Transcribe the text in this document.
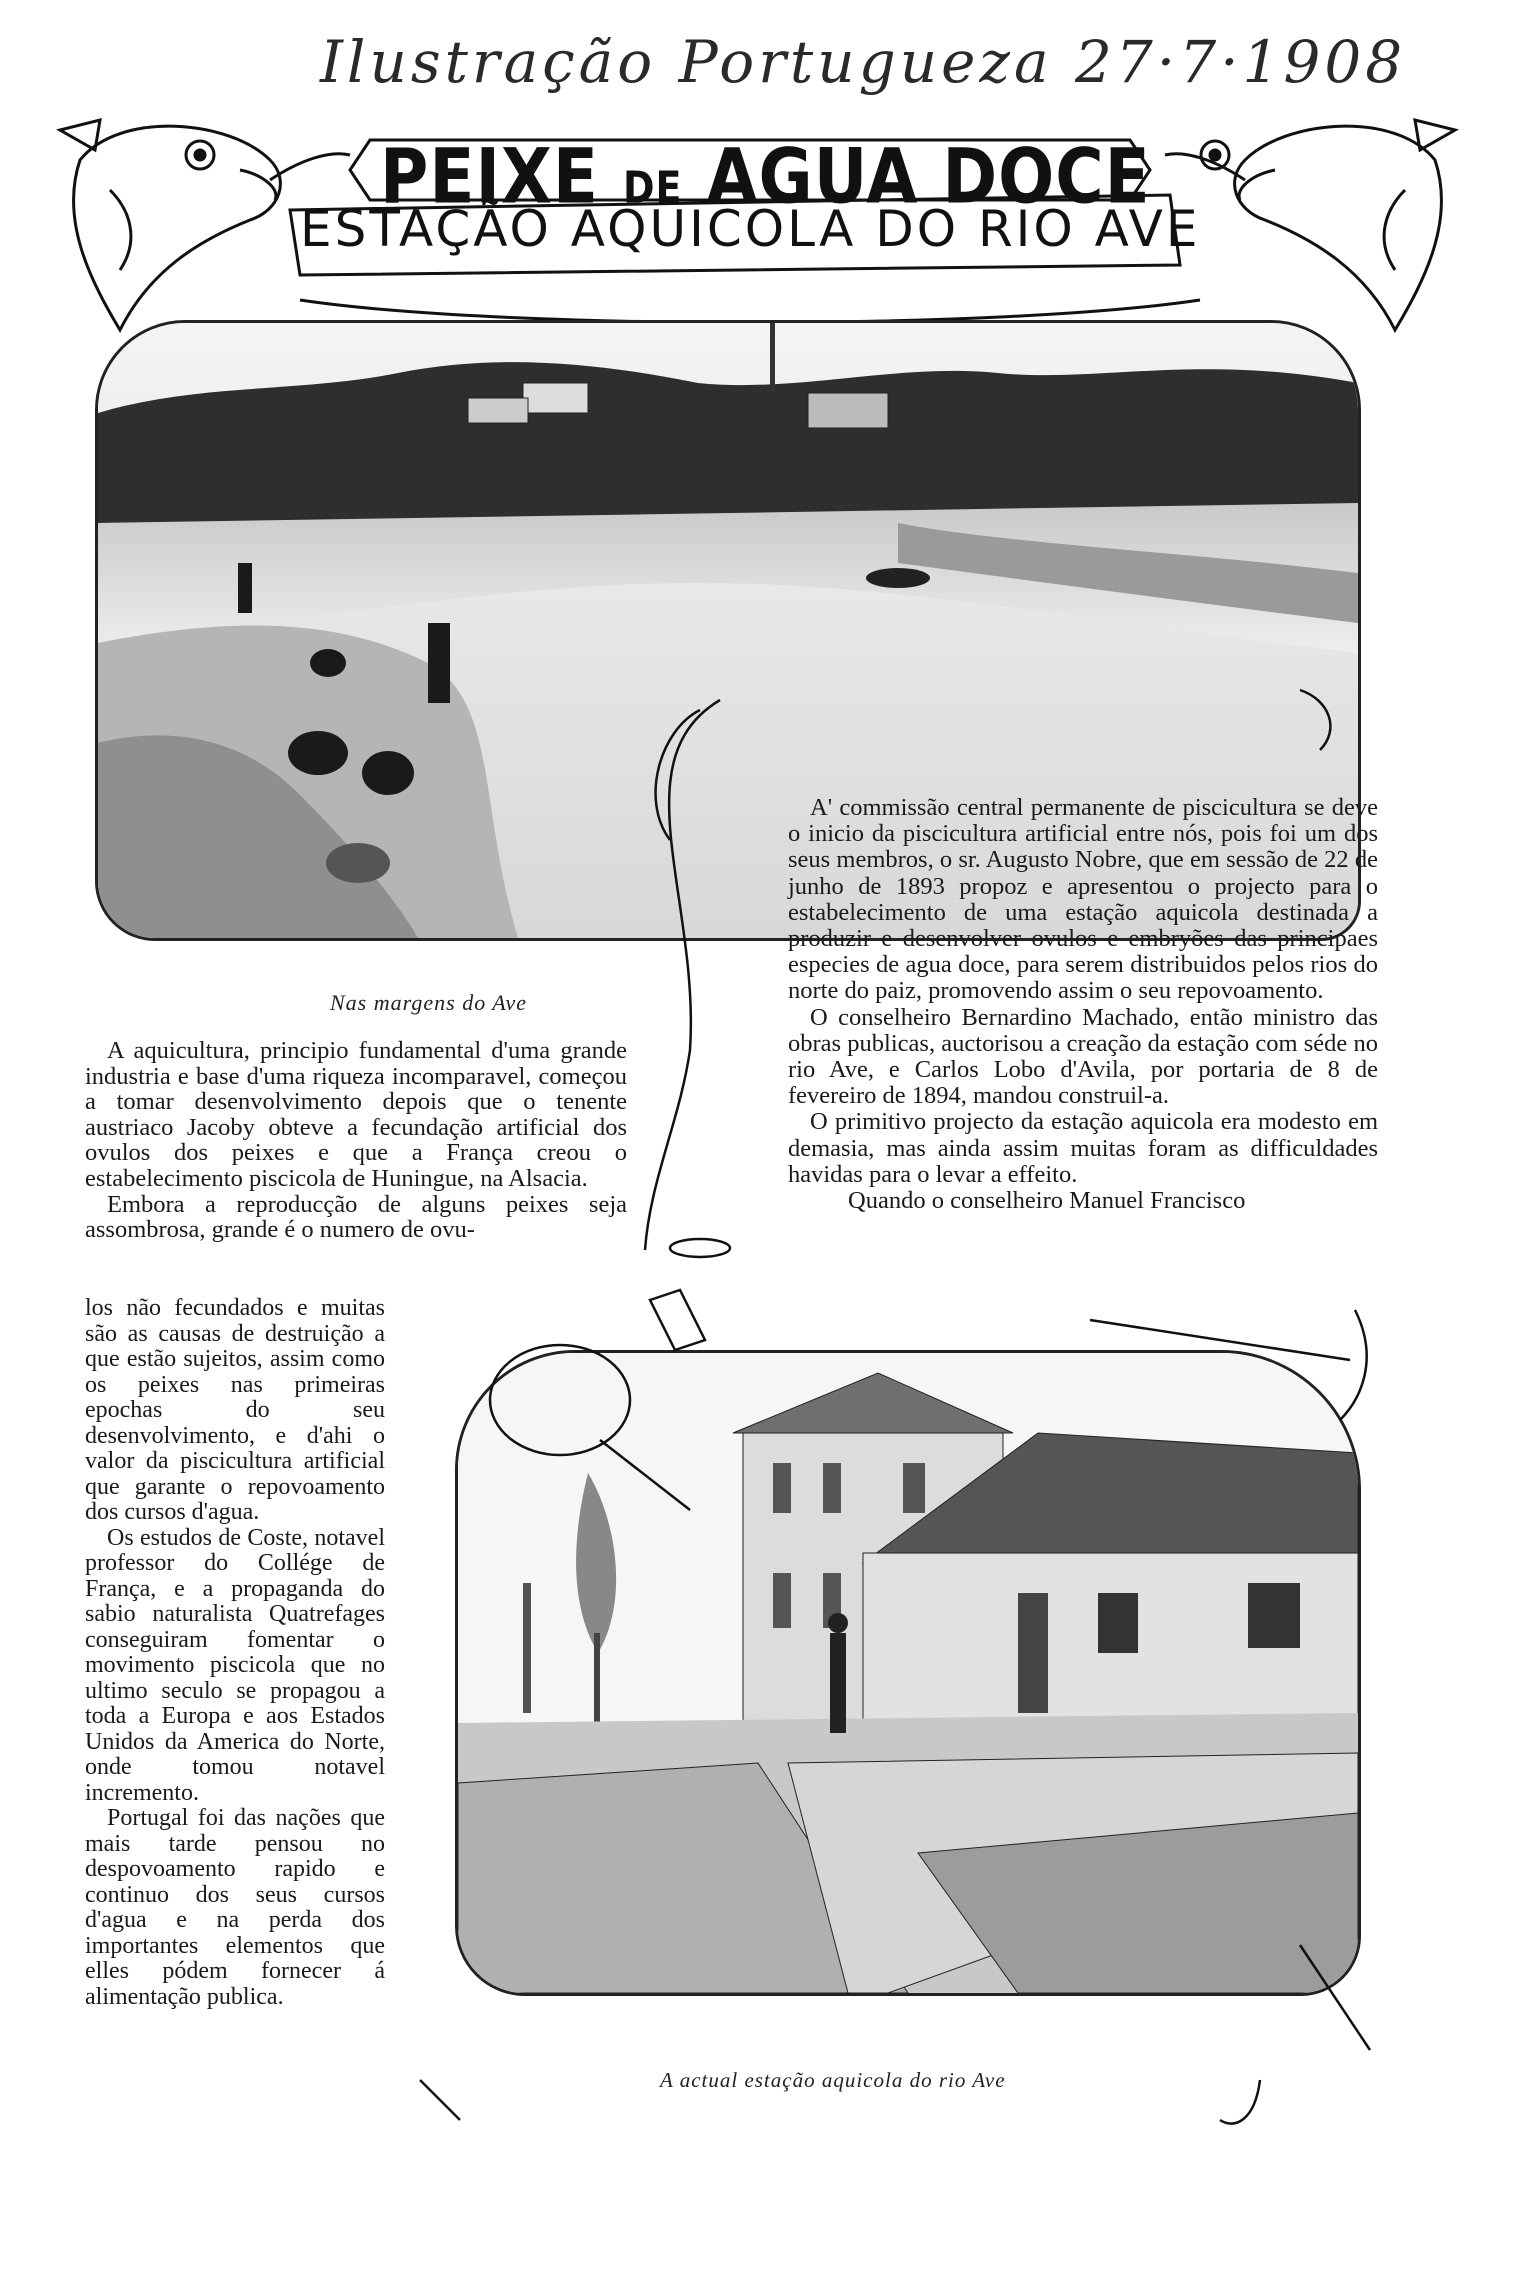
Ilustração Portugueza 27·7·1908
PEIXE DE AGUA DOCE
ESTAÇÃO AQUICOLA DO RIO AVE
Nas margens do Ave
A actual estação aquicola do rio Ave

A aquicultura, principio fundamental d'uma grande industria e base d'uma riqueza incomparavel, começou a tomar desenvolvimento depois que o tenente austriaco Jacoby obteve a fecundação artificial dos ovulos dos peixes e que a França creou o estabelecimento piscicola de Huningue, na Alsacia.

Embora a reproducção de alguns peixes seja assombrosa, grande é o numero de ovu-

los não fecundados e muitas são as causas de destruição a que estão sujeitos, assim como os peixes nas primeiras epochas do seu desenvolvimento, e d'ahi o valor da piscicultura artificial que garante o repovoamento dos cursos d'agua.

Os estudos de Coste, notavel professor do Collége de França, e a propaganda do sabio naturalista Quatrefages conseguiram fomentar o movimento piscicola que no ultimo seculo se propagou a toda a Europa e aos Estados Unidos da America do Norte, onde tomou notavel incremento.

Portugal foi das nações que mais tarde pensou no despovoamento rapido e continuo dos seus cursos d'agua e na perda dos importantes elementos que elles pódem fornecer á alimentação publica.

A' commissão central permanente de piscicultura se deve o inicio da piscicultura artificial entre nós, pois foi um dos seus membros, o sr. Augusto Nobre, que em sessão de 22 de junho de 1893 propoz e apresentou o projecto para o estabelecimento de uma estação aquicola destinada a produzir e desenvolver ovulos e embryões das principaes especies de agua doce, para serem distribuidos pelos rios do norte do paiz, promovendo assim o seu repovoamento.

O conselheiro Bernardino Machado, então ministro das obras publicas, auctorisou a creação da estação com séde no rio Ave, e Carlos Lobo d'Avila, por portaria de 8 de fevereiro de 1894, mandou construil-a.

O primitivo projecto da estação aquicola era modesto em demasia, mas ainda assim muitas foram as difficuldades havidas para o levar a effeito.

Quando o conselheiro Manuel Francisco
